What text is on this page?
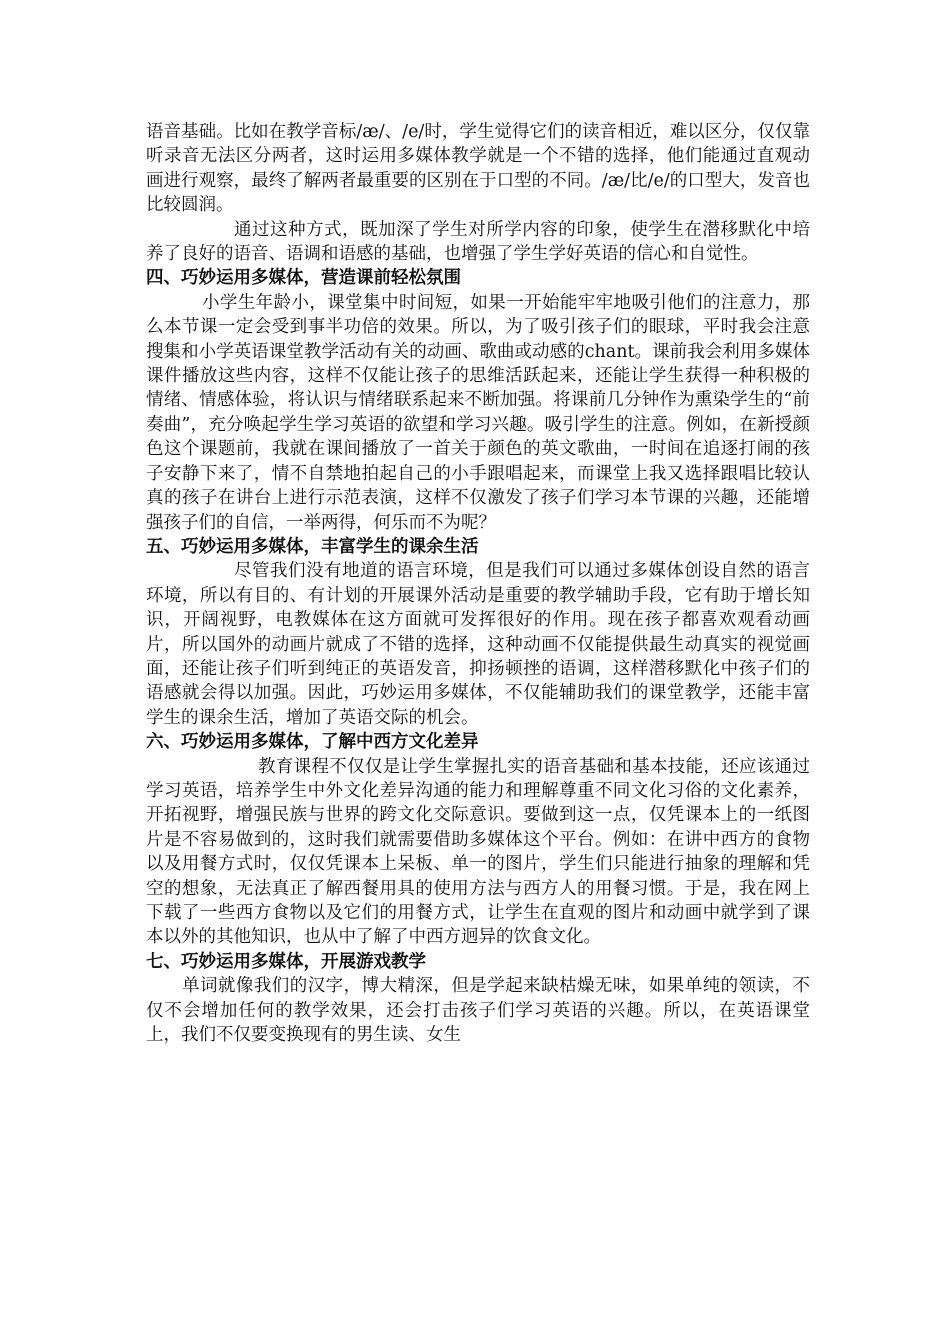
语音基础。比如在教学音标/æ/、/e/时，学生觉得它们的读音相近，难以区分，仅仅靠听录音无法区分两者，这时运用多媒体教学就是一个不错的选择，他们能通过直观动画进行观察，最终了解两者最重要的区别在于口型的不同。/æ/比/e/的口型大，发音也比较圆润。

通过这种方式，既加深了学生对所学内容的印象，使学生在潜移默化中培养了良好的语音、语调和语感的基础，也增强了学生学好英语的信心和自觉性。

四、巧妙运用多媒体，营造课前轻松氛围

小学生年龄小，课堂集中时间短，如果一开始能牢牢地吸引他们的注意力，那么本节课一定会受到事半功倍的效果。所以，为了吸引孩子们的眼球，平时我会注意搜集和小学英语课堂教学活动有关的动画、歌曲或动感的chant。课前我会利用多媒体课件播放这些内容，这样不仅能让孩子的思维活跃起来，还能让学生获得一种积极的情绪、情感体验，将认识与情绪联系起来不断加强。将课前几分钟作为熏染学生的“前奏曲”，充分唤起学生学习英语的欲望和学习兴趣。吸引学生的注意。例如，在新授颜色这个课题前，我就在课间播放了一首关于颜色的英文歌曲，一时间在追逐打闹的孩子安静下来了，情不自禁地拍起自己的小手跟唱起来，而课堂上我又选择跟唱比较认真的孩子在讲台上进行示范表演，这样不仅激发了孩子们学习本节课的兴趣，还能增强孩子们的自信，一举两得，何乐而不为呢？

五、巧妙运用多媒体，丰富学生的课余生活

尽管我们没有地道的语言环境，但是我们可以通过多媒体创设自然的语言环境，所以有目的、有计划的开展课外活动是重要的教学辅助手段，它有助于增长知识，开阔视野，电教媒体在这方面就可发挥很好的作用。现在孩子都喜欢观看动画片，所以国外的动画片就成了不错的选择，这种动画不仅能提供最生动真实的视觉画面，还能让孩子们听到纯正的英语发音，抑扬顿挫的语调，这样潜移默化中孩子们的语感就会得以加强。因此，巧妙运用多媒体，不仅能辅助我们的课堂教学，还能丰富学生的课余生活，增加了英语交际的机会。

六、巧妙运用多媒体，了解中西方文化差异

教育课程不仅仅是让学生掌握扎实的语音基础和基本技能，还应该通过学习英语，培养学生中外文化差异沟通的能力和理解尊重不同文化习俗的文化素养，开拓视野，增强民族与世界的跨文化交际意识。要做到这一点，仅凭课本上的一纸图片是不容易做到的，这时我们就需要借助多媒体这个平台。例如：在讲中西方的食物以及用餐方式时，仅仅凭课本上呆板、单一的图片，学生们只能进行抽象的理解和凭空的想象，无法真正了解西餐用具的使用方法与西方人的用餐习惯。于是，我在网上下载了一些西方食物以及它们的用餐方式，让学生在直观的图片和动画中就学到了课本以外的其他知识，也从中了解了中西方迥异的饮食文化。

七、巧妙运用多媒体，开展游戏教学

单词就像我们的汉字，博大精深，但是学起来缺枯燥无味，如果单纯的领读，不仅不会增加任何的教学效果，还会打击孩子们学习英语的兴趣。所以，在英语课堂上，我们不仅要变换现有的男生读、女生
